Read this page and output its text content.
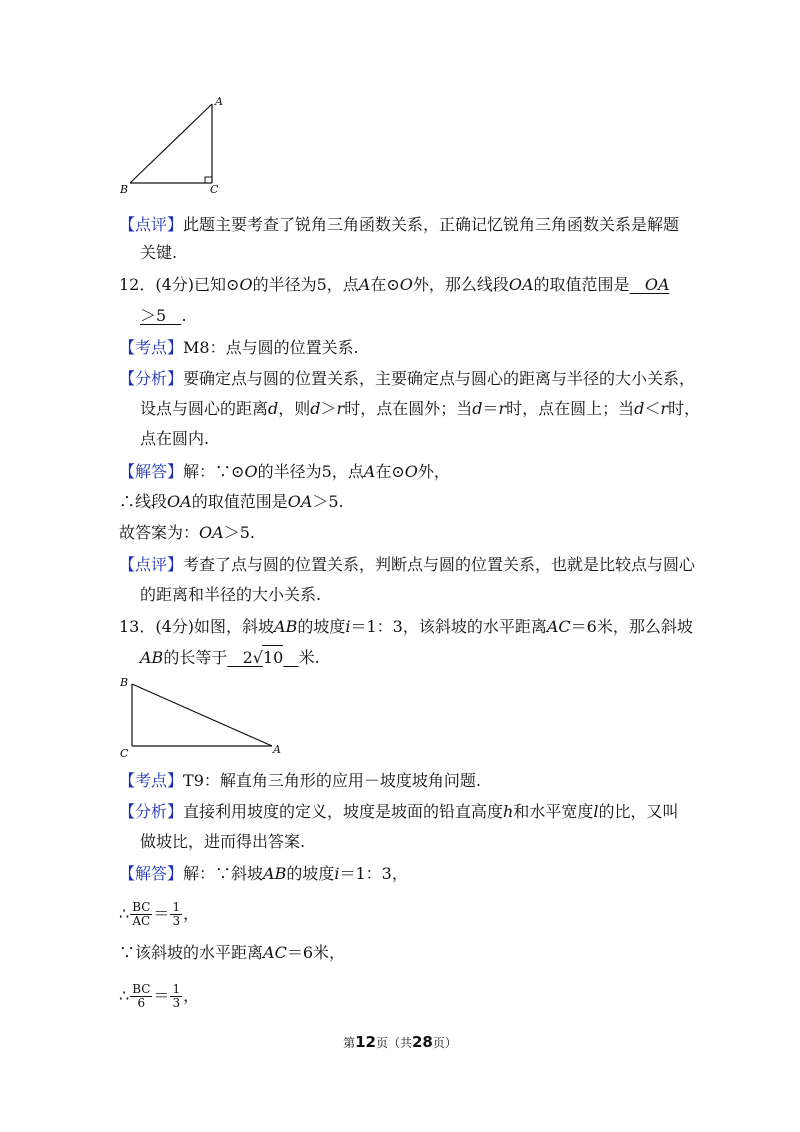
A
B	C
【点评】此题主要考查了锐角三角函数关系，正确记忆锐角三角函数关系是解题
关键.
12．(4分)已知⊙O的半径为5，点A在⊙O外，那么线段OA的取值范围是 OA
＞5 .
【考点】M8：点与圆的位置关系.
【分析】要确定点与圆的位置关系，主要确定点与圆心的距离与半径的大小关系，
设点与圆心的距离d，则d＞r时，点在圆外；当d＝r时，点在圆上；当d＜r时，
点在圆内.
【解答】解：∵⊙O的半径为5，点A在⊙O外，
∴线段OA的取值范围是OA＞5.
故答案为：OA＞5.
【点评】考查了点与圆的位置关系，判断点与圆的位置关系，也就是比较点与圆心
的距离和半径的大小关系.
13．(4分)如图，斜坡AB的坡度i＝1：3，该斜坡的水平距离AC＝6米，那么斜坡
AB的长等于 2√10 米.
B
C	A
【考点】T9：解直角三角形的应用－坡度坡角问题.
【分析】直接利用坡度的定义，坡度是坡面的铅直高度h和水平宽度l的比，又叫
做坡比，进而得出答案.
【解答】解：∵斜坡AB的坡度i＝1：3，
∴ $\frac{BC}{AC} = \frac{1}{3}$ ，
∵该斜坡的水平距离AC＝6米，
∴ $\frac{BC}{6} = \frac{1}{3}$ ，
第12页（共28页）
